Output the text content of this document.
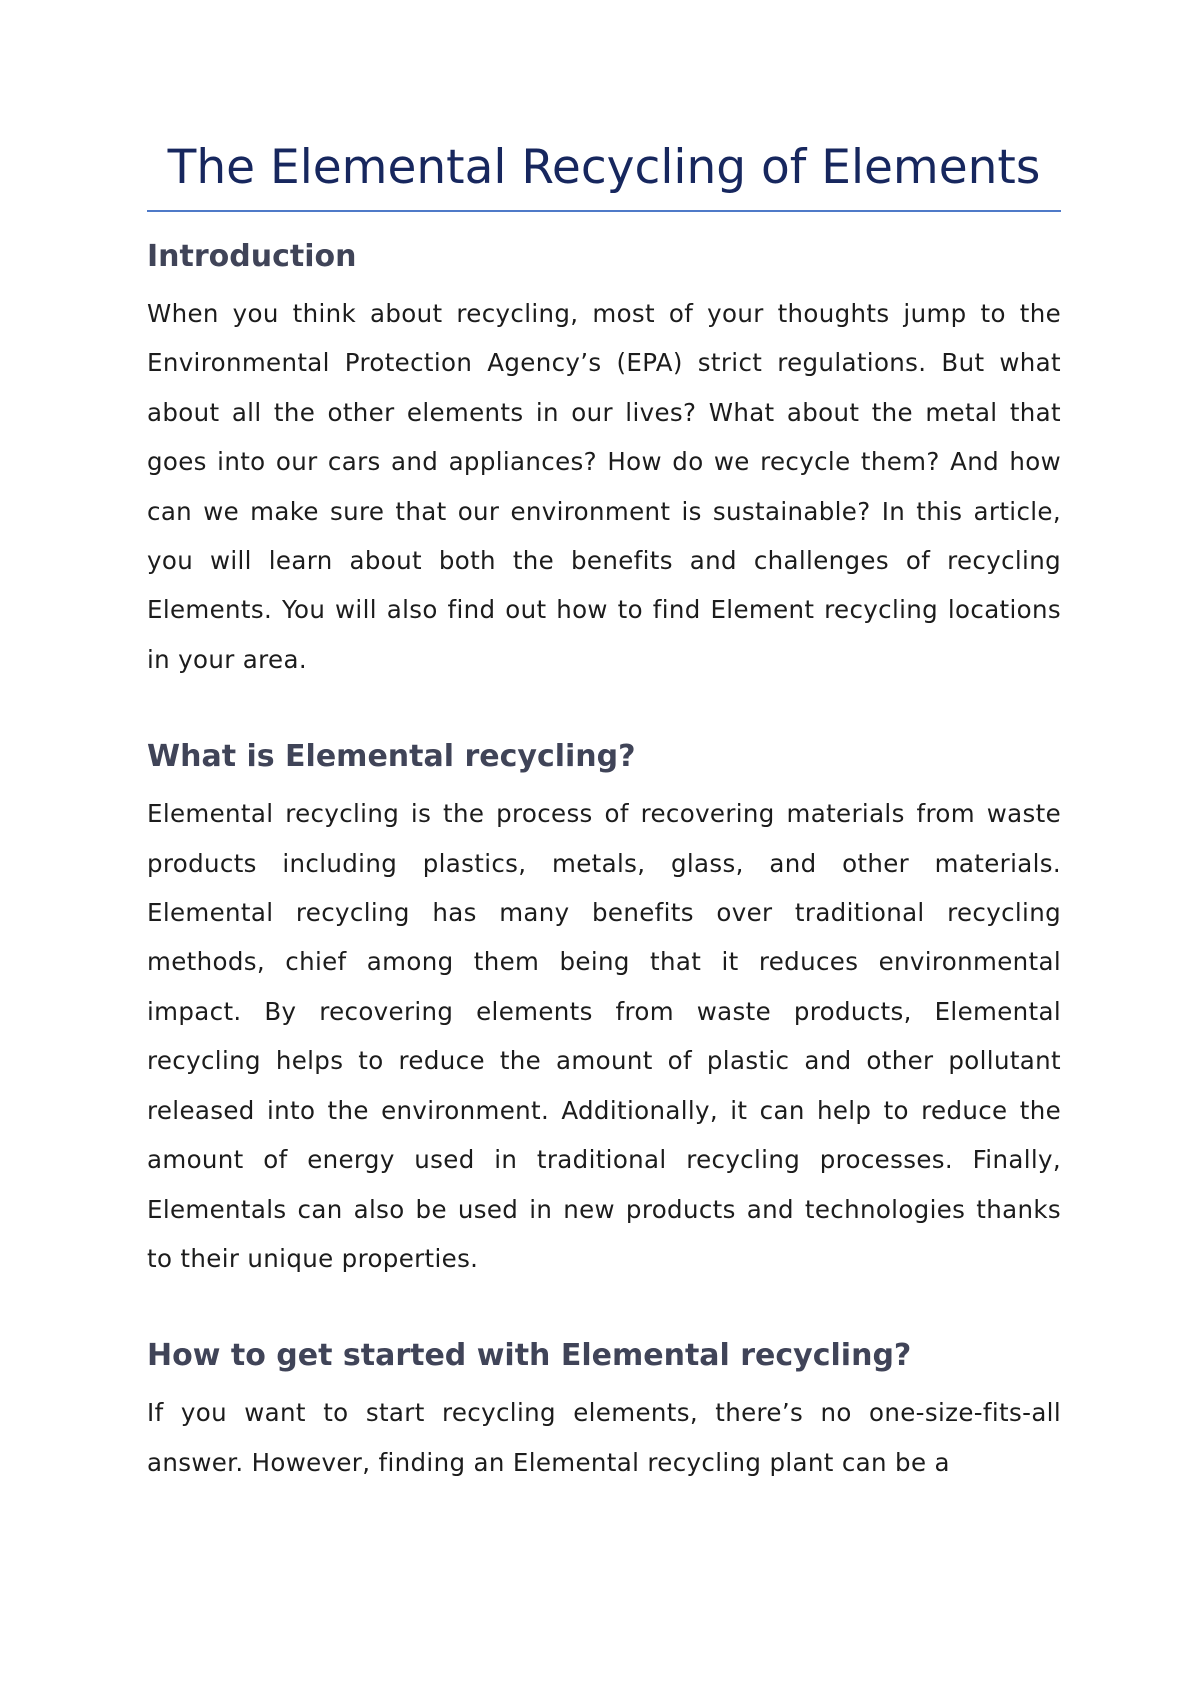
The Elemental Recycling of Elements
Introduction

When you think about recycling, most of your thoughts jump to the Environmental Protection Agency’s (EPA) strict regulations. But what about all the other elements in our lives? What about the metal that goes into our cars and appliances? How do we recycle them? And how can we make sure that our environment is sustainable? In this article, you will learn about both the benefits and challenges of recycling Elements. You will also find out how to find Element recycling locations in your area.

What is Elemental recycling?

Elemental recycling is the process of recovering materials from waste products including plastics, metals, glass, and other materials. Elemental recycling has many benefits over traditional recycling methods, chief among them being that it reduces environmental impact. By recovering elements from waste products, Elemental recycling helps to reduce the amount of plastic and other pollutant released into the environment. Additionally, it can help to reduce the amount of energy used in traditional recycling processes. Finally, Elementals can also be used in new products and technologies thanks to their unique properties.

How to get started with Elemental recycling?

If you want to start recycling elements, there’s no one-size-fits-all answer. However, finding an Elemental recycling plant can be a
